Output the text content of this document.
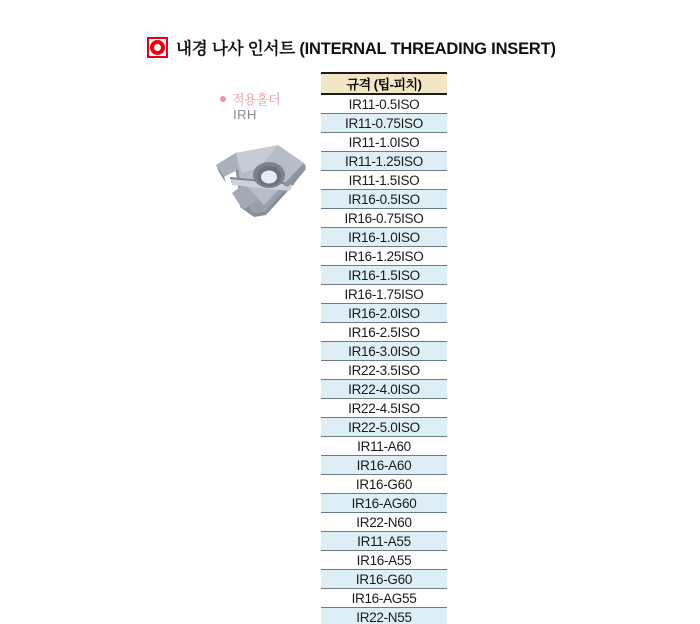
내경 나사 인서트 (INTERNAL THREADING INSERT)
적용홀더
IRH
규격 (팁-피치)
IR11-0.5ISO
IR11-0.75ISO
IR11-1.0ISO
IR11-1.25ISO
IR11-1.5ISO
IR16-0.5ISO
IR16-0.75ISO
IR16-1.0ISO
IR16-1.25ISO
IR16-1.5ISO
IR16-1.75ISO
IR16-2.0ISO
IR16-2.5ISO
IR16-3.0ISO
IR22-3.5ISO
IR22-4.0ISO
IR22-4.5ISO
IR22-5.0ISO
IR11-A60
IR16-A60
IR16-G60
IR16-AG60
IR22-N60
IR11-A55
IR16-A55
IR16-G60
IR16-AG55
IR22-N55
